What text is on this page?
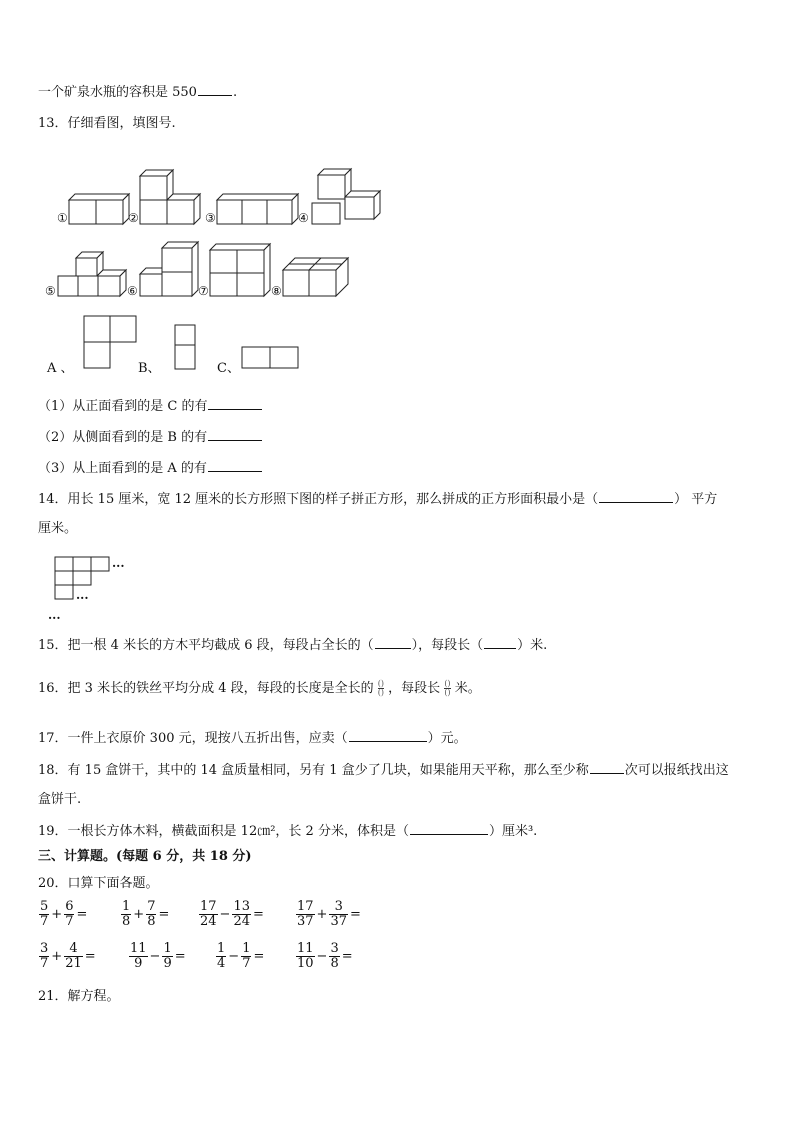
一个矿泉水瓶的容积是 550	.
13．仔细看图，填图号.
①	②	③	④
⑤	⑥	⑦	⑧
A 、	B、	C、
（1）从正面看到的是 C 的有
（2）从侧面看到的是 B 的有
（3）从上面看到的是 A 的有
14．用长 15 厘米，宽 12 厘米的长方形照下图的样子拼正方形，那么拼成的正方形面积最小是（	） 平方
厘米。
...
...
...
15．把一根 4 米长的方木平均截成 6 段，每段占全长的（	），每段长（	）米.
16．把 3 米长的铁丝平均分成 4 段，每段的长度是全长的 ()
() ，每段长 ()
() 米。
17．一件上衣原价 300 元，现按八五折出售，应卖（	）元。
18．有 15 盒饼干，其中的 14 盒质量相同，另有 1 盒少了几块，如果能用天平称，那么至少称	次可以报纸找出这
盒饼干.
19．一根长方体木料，横截面积是 12㎝²，长 2 分米，体积是（	）厘米³.
三、计算题。(每题 6 分，共 18 分)
20．口算下面各题。
21．解方程。
$\frac{5}{7} + \frac{6}{7}$ =	$\frac{1}{8} + \frac{7}{8} = \frac{17}{24} - \frac{13}{24} = \frac{17}{37} + \frac{3}{37}$ =
$\frac{3}{7} + \frac{4}{21}$ =	$\frac{11}{9} - \frac{1}{9} = \frac{1}{4} - \frac{1}{7} = \frac{11}{10} - \frac{3}{8}$ =
